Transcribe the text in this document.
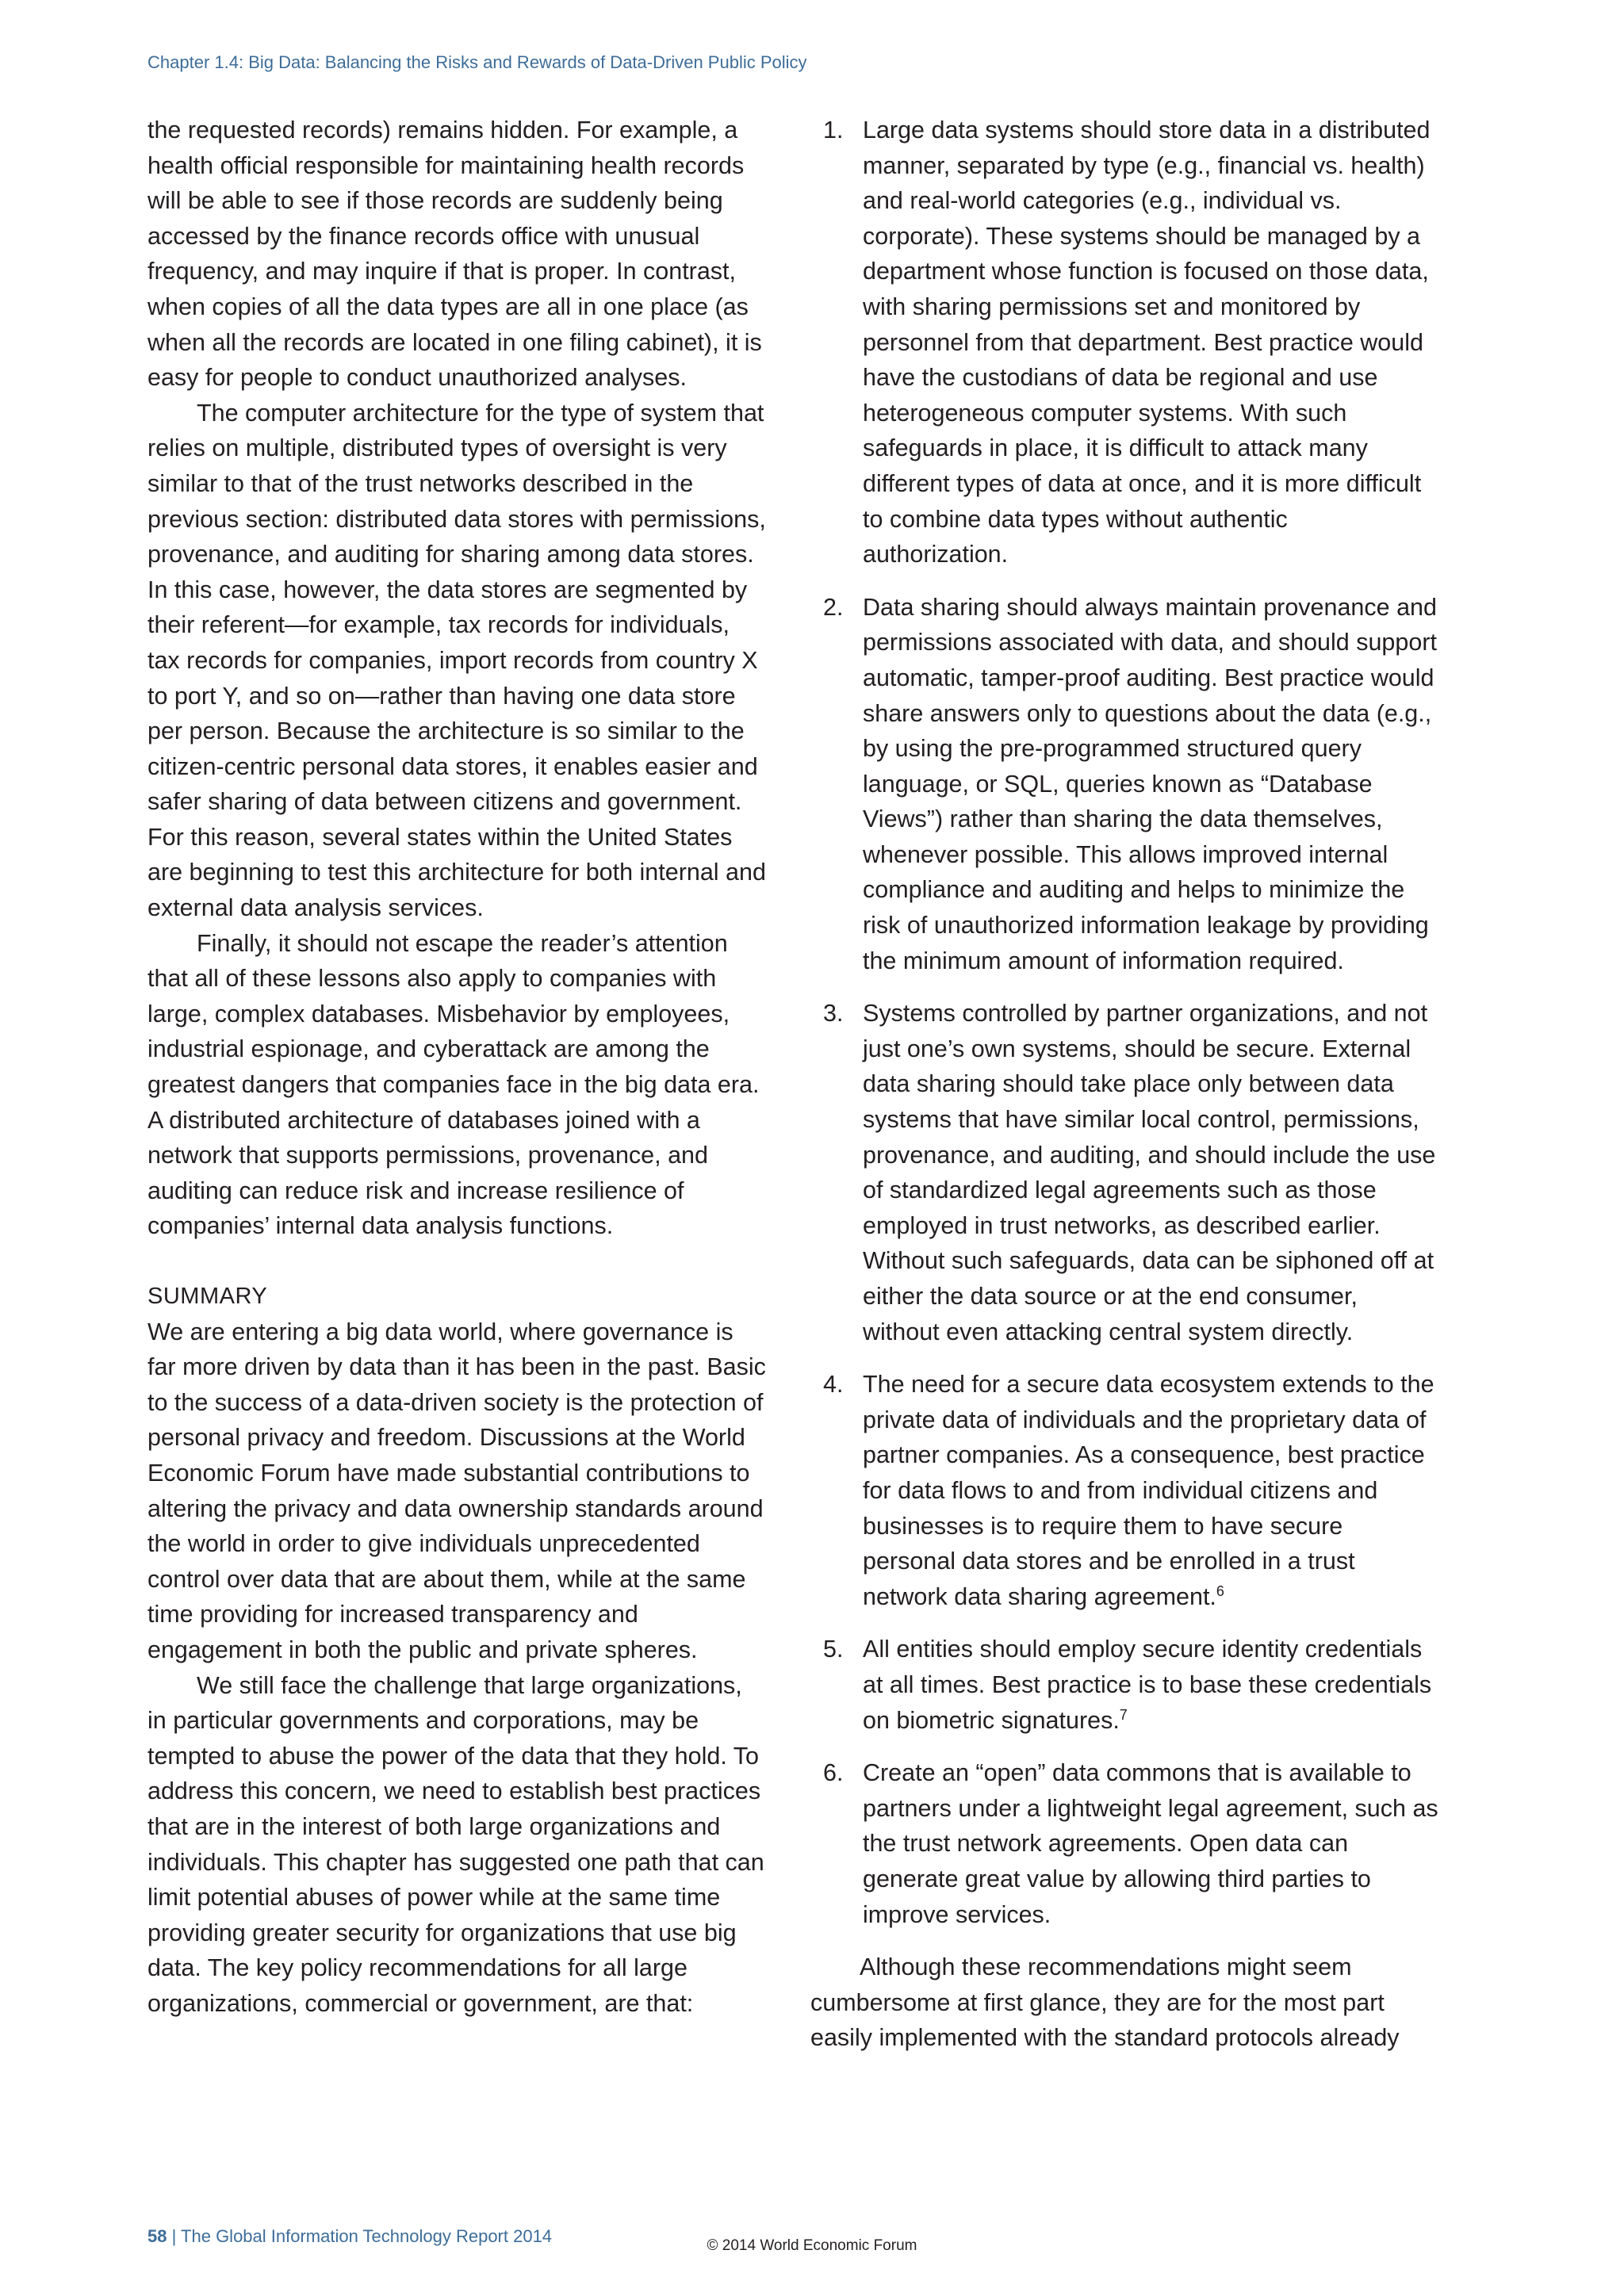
Chapter 1.4: Big Data: Balancing the Risks and Rewards of Data-Driven Public Policy

the requested records) remains hidden. For example, a health official responsible for maintaining health records will be able to see if those records are suddenly being accessed by the finance records office with unusual frequency, and may inquire if that is proper. In contrast, when copies of all the data types are all in one place (as when all the records are located in one filing cabinet), it is easy for people to conduct unauthorized analyses.

The computer architecture for the type of system that relies on multiple, distributed types of oversight is very similar to that of the trust networks described in the previous section: distributed data stores with permissions, provenance, and auditing for sharing among data stores. In this case, however, the data stores are segmented by their referent—for example, tax records for individuals, tax records for companies, import records from country X to port Y, and so on—rather than having one data store per person. Because the architecture is so similar to the citizen-centric personal data stores, it enables easier and safer sharing of data between citizens and government. For this reason, several states within the United States are beginning to test this architecture for both internal and external data analysis services.

Finally, it should not escape the reader’s attention that all of these lessons also apply to companies with large, complex databases. Misbehavior by employees, industrial espionage, and cyberattack are among the greatest dangers that companies face in the big data era. A distributed architecture of databases joined with a network that supports permissions, provenance, and auditing can reduce risk and increase resilience of companies’ internal data analysis functions.

SUMMARY

We are entering a big data world, where governance is far more driven by data than it has been in the past. Basic to the success of a data-driven society is the protection of personal privacy and freedom. Discussions at the World Economic Forum have made substantial contributions to altering the privacy and data ownership standards around the world in order to give individuals unprecedented control over data that are about them, while at the same time providing for increased transparency and engagement in both the public and private spheres.

We still face the challenge that large organizations, in particular governments and corporations, may be tempted to abuse the power of the data that they hold. To address this concern, we need to establish best practices that are in the interest of both large organizations and individuals. This chapter has suggested one path that can limit potential abuses of power while at the same time providing greater security for organizations that use big data. The key policy recommendations for all large organizations, commercial or government, are that:

1. Large data systems should store data in a distributed manner, separated by type (e.g., financial vs. health) and real-world categories (e.g., individual vs. corporate). These systems should be managed by a department whose function is focused on those data, with sharing permissions set and monitored by personnel from that department. Best practice would have the custodians of data be regional and use heterogeneous computer systems. With such safeguards in place, it is difficult to attack many different types of data at once, and it is more difficult to combine data types without authentic authorization.
2. Data sharing should always maintain provenance and permissions associated with data, and should support automatic, tamper-proof auditing. Best practice would share answers only to questions about the data (e.g., by using the pre-programmed structured query language, or SQL, queries known as “Database Views”) rather than sharing the data themselves, whenever possible. This allows improved internal compliance and auditing and helps to minimize the risk of unauthorized information leakage by providing the minimum amount of information required.
3. Systems controlled by partner organizations, and not just one’s own systems, should be secure. External data sharing should take place only between data systems that have similar local control, permissions, provenance, and auditing, and should include the use of standardized legal agreements such as those employed in trust networks, as described earlier. Without such safeguards, data can be siphoned off at either the data source or at the end consumer, without even attacking central system directly.
4. The need for a secure data ecosystem extends to the private data of individuals and the proprietary data of partner companies. As a consequence, best practice for data flows to and from individual citizens and businesses is to require them to have secure personal data stores and be enrolled in a trust network data sharing agreement.$^6$
5. All entities should employ secure identity credentials at all times. Best practice is to base these credentials on biometric signatures.$^7$
6. Create an “open” data commons that is available to partners under a lightweight legal agreement, such as the trust network agreements. Open data can generate great value by allowing third parties to improve services.

Although these recommendations might seem cumbersome at first glance, they are for the most part easily implemented with the standard protocols already

58 | The Global Information Technology Report 2014	© 2014 World Economic Forum
